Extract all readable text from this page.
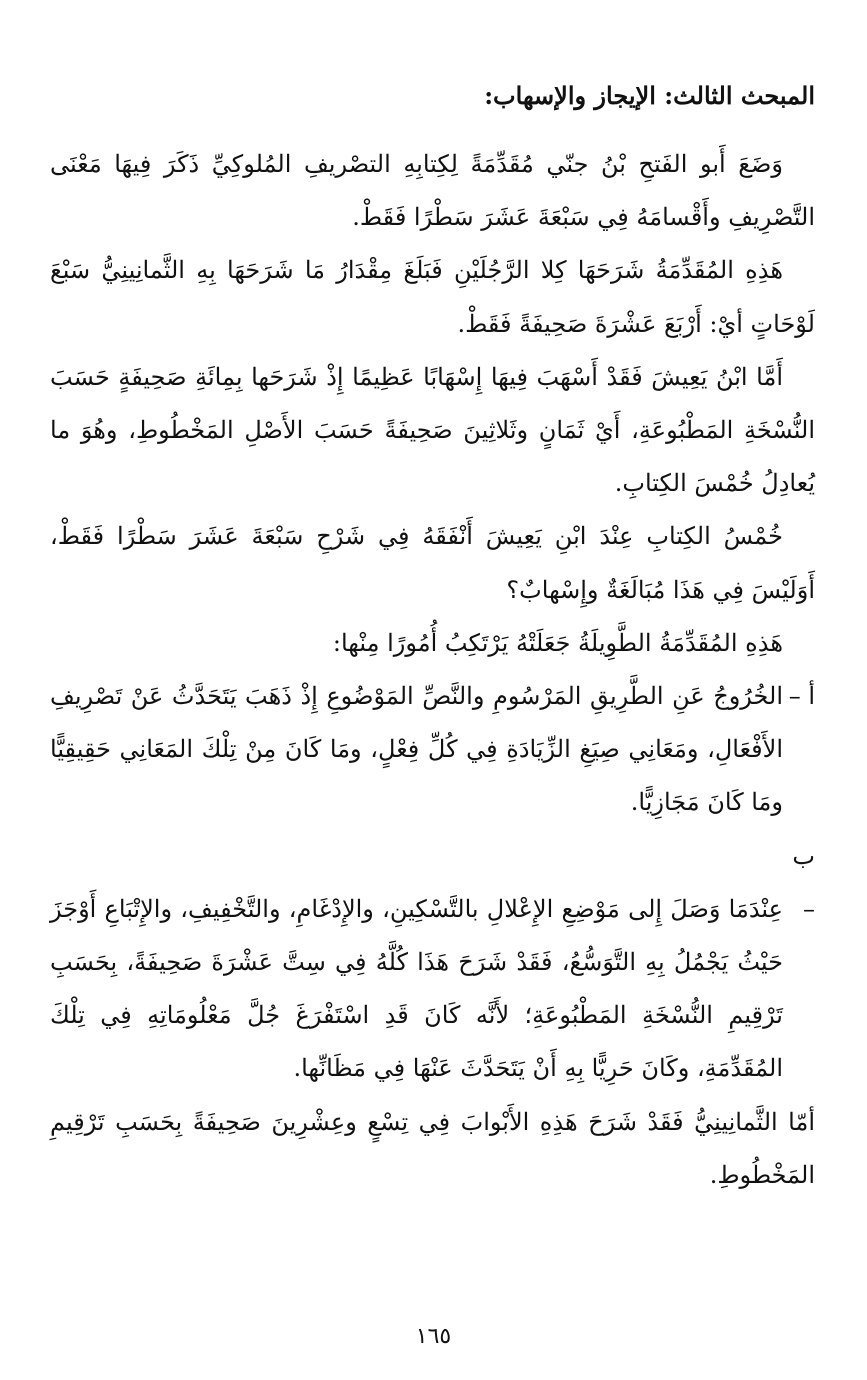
المبحث الثالث: الإيجاز والإسهاب:

وَضَعَ أَبو الفَتحِ بْنُ جنّي مُقَدِّمَةً لِكِتابِهِ التصْريفِ المُلوكِيِّ ذَكَرَ فِيهَا مَعْنَى التَّصْرِيفِ وأَقْسامَهُ فِي سَبْعَةَ عَشَرَ سَطْرًا فَقَطْ.

هَذِهِ المُقَدِّمَةُ شَرَحَهَا كِلا الرَّجُلَيْنِ فَبَلَغَ مِقْدَارُ مَا شَرَحَهَا بِهِ الثَّمانِينِيُّ سَبْعَ لَوْحَاتٍ أيْ: أَرْبَعَ عَشْرَةَ صَحِيفَةً فَقَطْ.

أَمَّا ابْنُ يَعِيشَ فَقَدْ أَسْهَبَ فِيهَا إِسْهَابًا عَظِيمًا إِذْ شَرَحَها بِمِائَةِ صَحِيفَةٍ حَسَبَ النُّسْخَةِ المَطْبُوعَةِ، أَيْ ثَمَانٍ وثَلاثِينَ صَحِيفَةً حَسَبَ الأَصْلِ المَخْطُوطِ، وهُوَ ما يُعادِلُ خُمْسَ الكِتابِ.

خُمْسُ الكِتابِ عِنْدَ ابْنِ يَعِيشَ أَنْفَقَهُ فِي شَرْحِ سَبْعَةَ عَشَرَ سَطْرًا فَقَطْ، أَوَلَيْسَ فِي هَذَا مُبَالَغَةٌ وإِسْهابٌ؟

هَذِهِ المُقَدِّمَةُ الطَّوِيلَةُ جَعَلَتْهُ يَرْتَكِبُ أُمُورًا مِنْها:

أ –الخُرُوجُ عَنِ الطَّرِيقِ المَرْسُومِ والنَّصِّ المَوْضُوعِ إِذْ ذَهَبَ يَتَحَدَّثُ عَنْ تَصْرِيفِ الأَفْعَالِ، ومَعَانِي صِيَغِ الزِّيَادَةِ فِي كُلِّ فِعْلٍ، ومَا كَانَ مِنْ تِلْكَ المَعَانِي حَقِيقِيًّا ومَا كَانَ مَجَازِيًّا.

ب –عِنْدَمَا وَصَلَ إِلى مَوْضِعِ الإِعْلالِ بالتَّسْكِينِ، والإِدْغَامِ، والتَّخْفِيفِ، والإِتْبَاعِ أَوْجَزَ حَيْثُ يَجْمُلُ بِهِ التَّوَسُّعُ، فَقَدْ شَرَحَ هَذَا كُلَّهُ فِي سِتَّ عَشْرَةَ صَحِيفَةً، بِحَسَبِ تَرْقِيمِ النُّسْخَةِ المَطْبُوعَةِ؛ لأَنَّه كَانَ قَدِ اسْتَفْرَغَ جُلَّ مَعْلُومَاتِهِ فِي تِلْكَ المُقَدِّمَةِ، وكَانَ حَرِيًّا بِهِ أَنْ يَتَحَدَّثَ عَنْهَا فِي مَظَانِّها.

أمّا الثَّمانِينِيُّ فَقَدْ شَرَحَ هَذِهِ الأَبْوابَ فِي تِسْعٍ وعِشْرِينَ صَحِيفَةً بِحَسَبِ تَرْقِيمِ المَخْطُوطِ.

١٦٥
